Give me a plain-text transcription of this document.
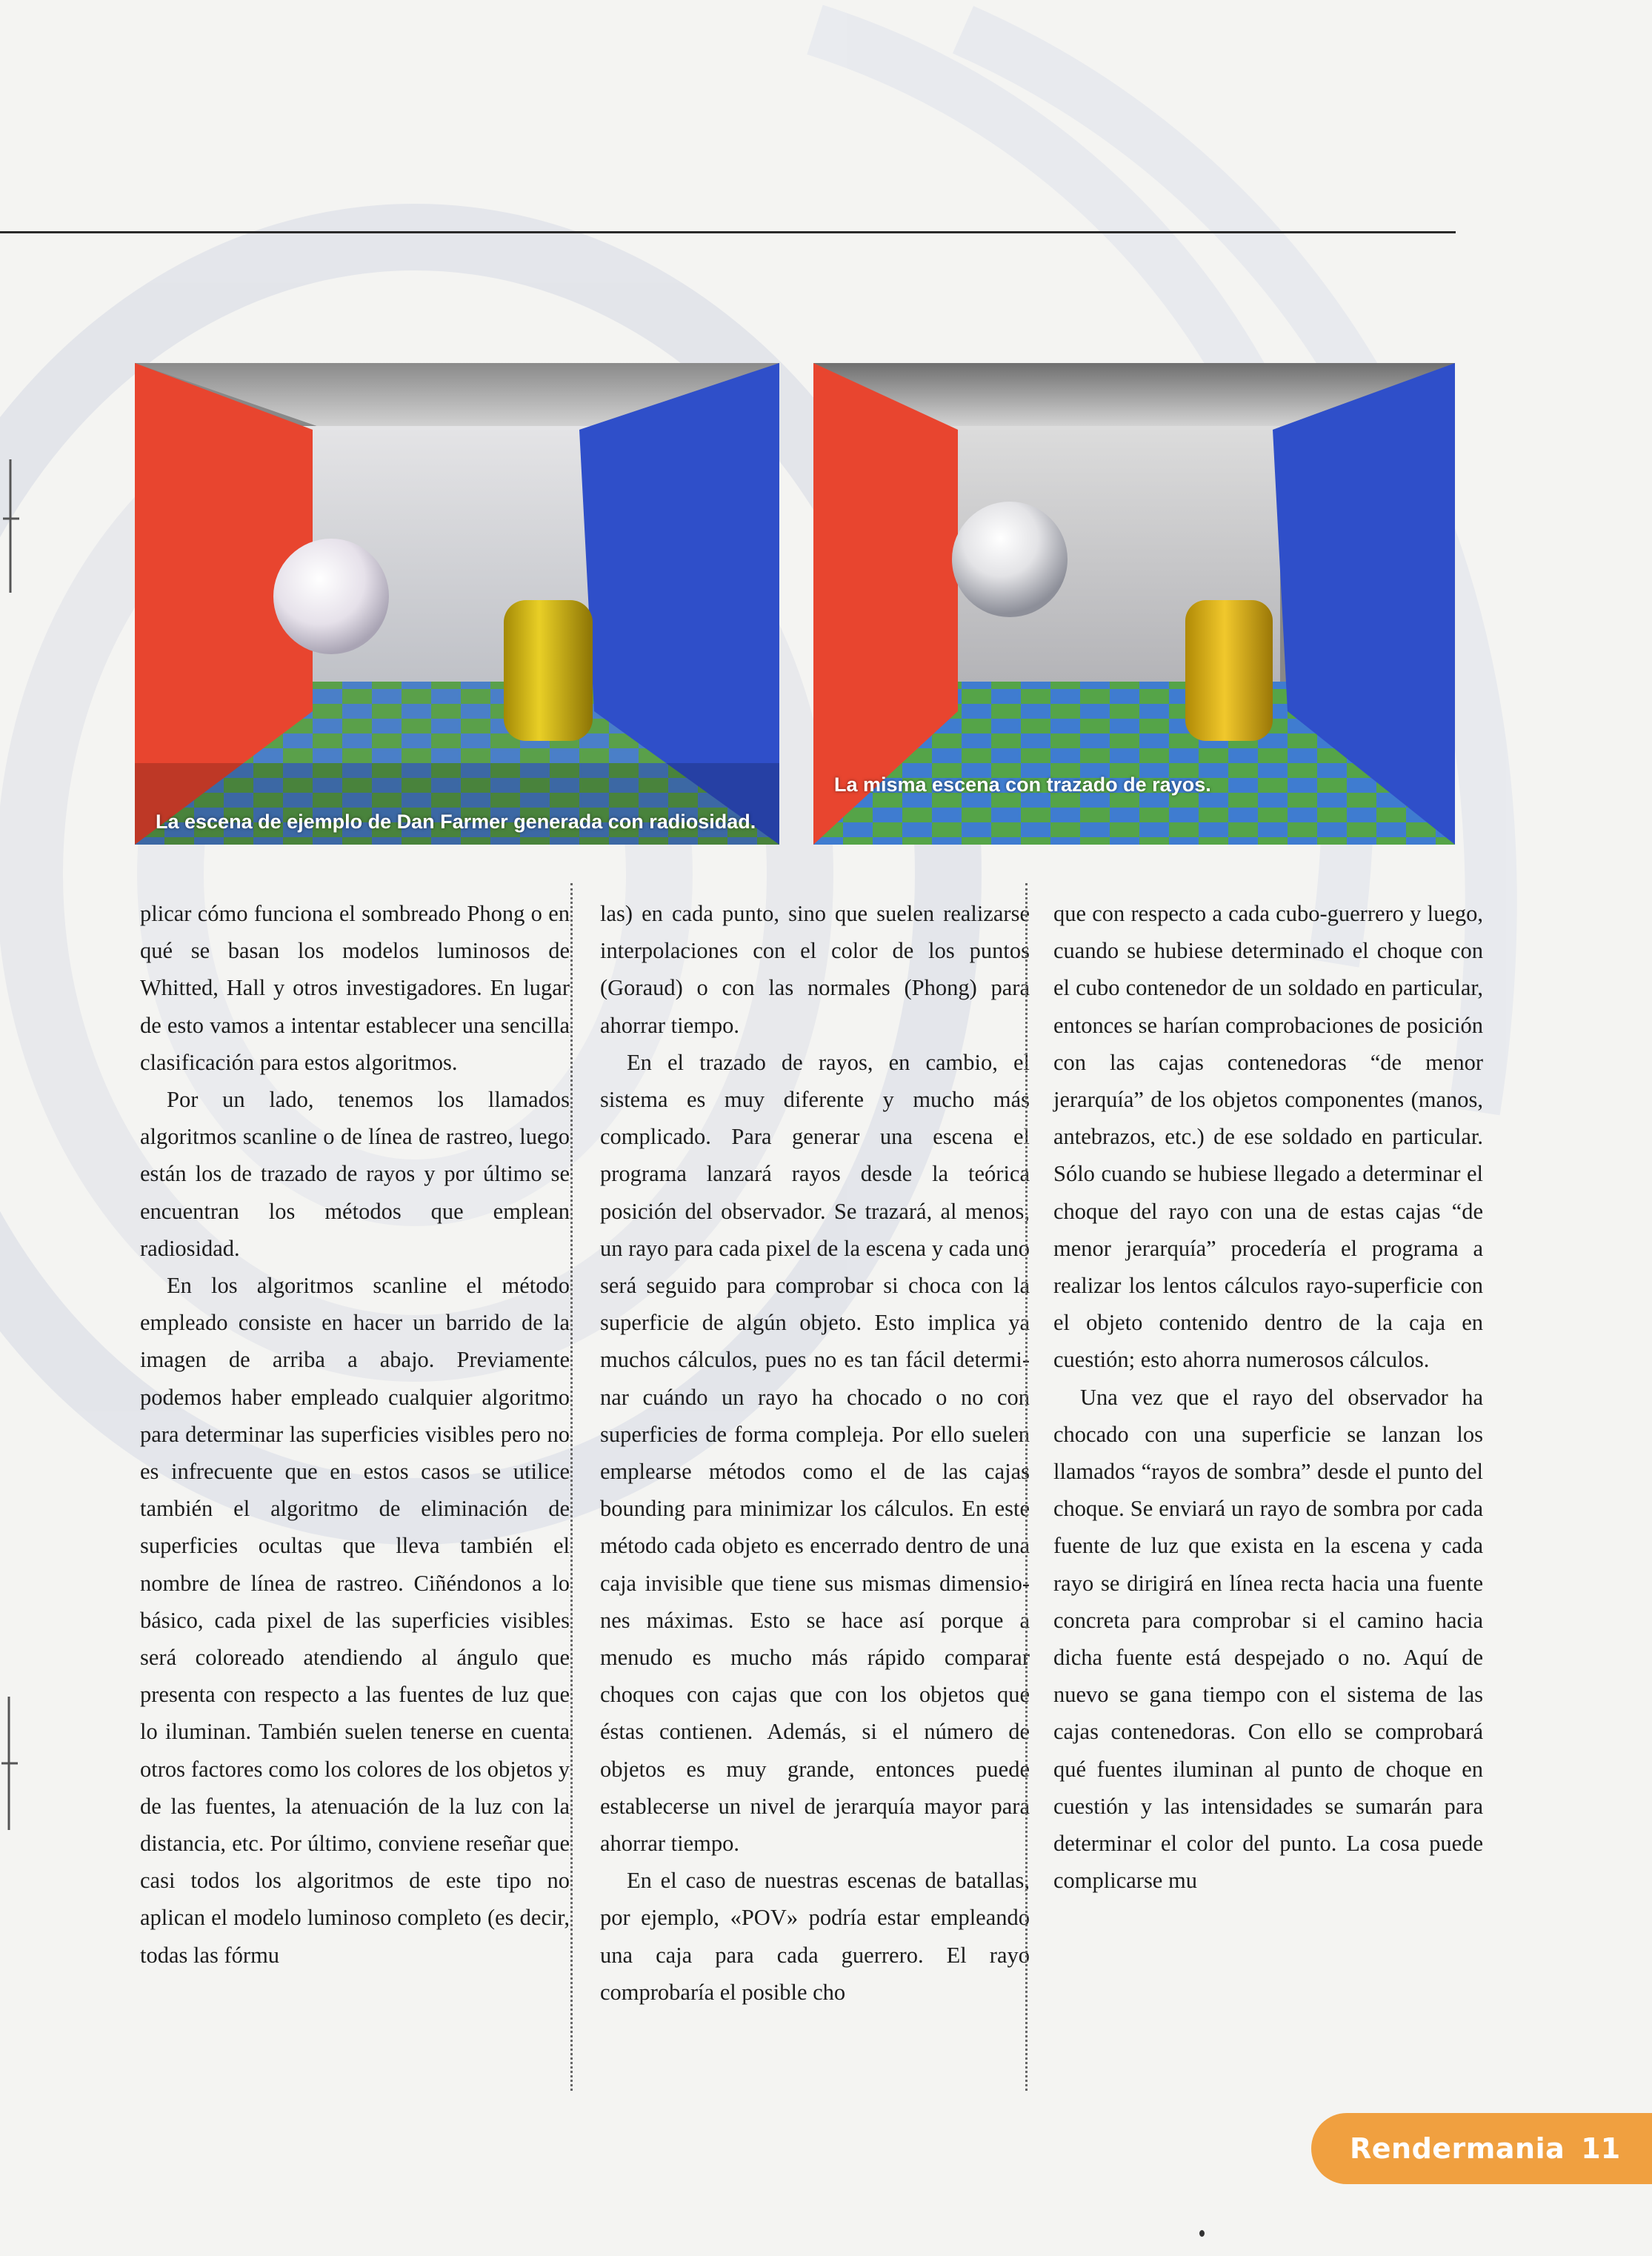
La escena de ejemplo de Dan Farmer generada con radiosidad.
La misma escena con trazado de rayos.

plicar cómo funciona el sombreado Phong o en qué se basan los modelos luminosos de Whitted, Hall y otros investigadores. En lugar de esto vamos a intentar establecer una sencilla clasificación para estos algoritmos.

Por un lado, tenemos los llamados algoritmos scanline o de línea de rastreo, luego están los de trazado de rayos y por último se encuentran los métodos que emplean radiosidad.

En los algoritmos scanline el método empleado consiste en hacer un barrido de la imagen de arriba a abajo. Previamente podemos haber empleado cualquier algoritmo para determinar las superficies visibles pero no es infrecuente que en estos casos se utilice también el algoritmo de eliminación de superficies ocultas que lleva también el nombre de línea de rastreo. Ciñéndonos a lo básico, cada pixel de las superficies visibles será coloreado atendiendo al ángulo que presenta con respecto a las fuentes de luz que lo iluminan. También suelen tenerse en cuenta otros factores como los colores de los objetos y de las fuentes, la atenuación de la luz con la distancia, etc. Por último, conviene reseñar que casi todos los algoritmos de este tipo no aplican el modelo luminoso completo (es decir, todas las fórmu

las) en cada punto, sino que suelen realizarse interpolaciones con el color de los puntos (Goraud) o con las normales (Phong) para ahorrar tiempo.

En el trazado de rayos, en cambio, el sistema es muy diferente y mucho más complicado. Para generar una escena el programa lanzará rayos desde la teórica posición del observador. Se trazará, al menos, un rayo para cada pixel de la escena y cada uno será seguido para comprobar si choca con la superficie de algún objeto. Esto implica ya muchos cálculos, pues no es tan fácil determinar cuándo un rayo ha chocado o no con superficies de forma compleja. Por ello suelen emplearse métodos como el de las cajas bounding para minimizar los cálculos. En este método cada objeto es encerrado dentro de una caja invisible que tiene sus mismas dimensiones máximas. Esto se hace así porque a menudo es mucho más rápido comparar choques con cajas que con los objetos que éstas contienen. Además, si el número de objetos es muy grande, entonces puede establecerse un nivel de jerarquía mayor para ahorrar tiempo.

En el caso de nuestras escenas de batallas, por ejemplo, «POV» podría estar empleando una caja para cada guerrero. El rayo comprobaría el posible cho

que con respecto a cada cubo-guerrero y luego, cuando se hubiese determinado el choque con el cubo contenedor de un soldado en particular, entonces se harían comprobaciones de posición con las cajas contenedoras “de menor jerarquía” de los objetos componentes (manos, antebrazos, etc.) de ese soldado en particular. Sólo cuando se hubiese llegado a determinar el choque del rayo con una de estas cajas “de menor jerarquía” procedería el programa a realizar los lentos cálculos rayo-superficie con el objeto contenido dentro de la caja en cuestión; esto ahorra numerosos cálculos.

Una vez que el rayo del observador ha chocado con una superficie se lanzan los llamados “rayos de sombra” desde el punto del choque. Se enviará un rayo de sombra por cada fuente de luz que exista en la escena y cada rayo se dirigirá en línea recta hacia una fuente concreta para comprobar si el camino hacia dicha fuente está despejado o no. Aquí de nuevo se gana tiempo con el sistema de las cajas contenedoras. Con ello se comprobará qué fuentes iluminan al punto de choque en cuestión y las intensidades se sumarán para determinar el color del punto. La cosa puede complicarse mu

Rendermania 11
